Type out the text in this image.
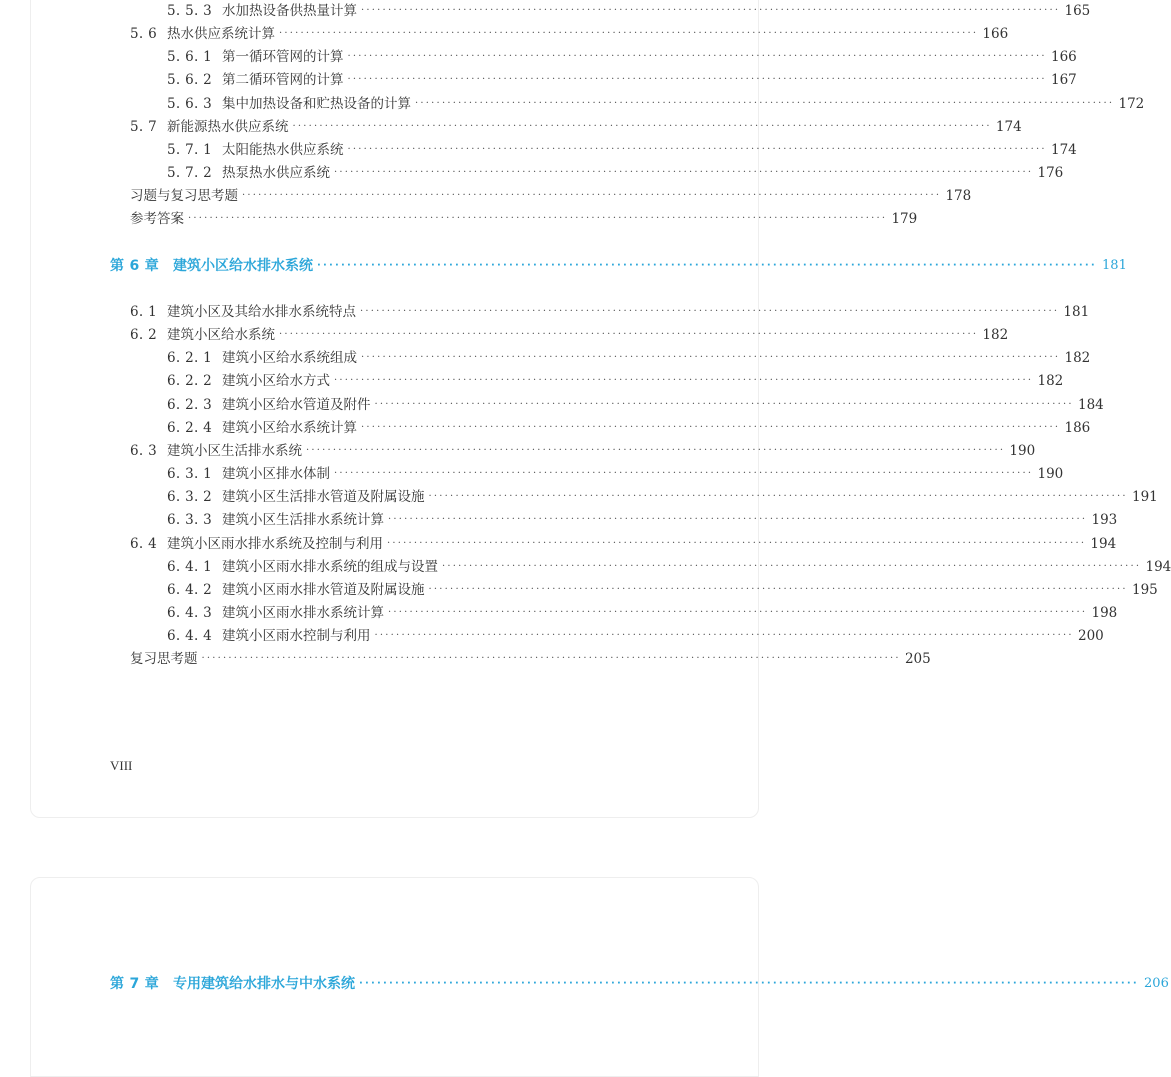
5. 5. 3 水加热设备供热量计算 ·································································································································· 165
5. 6 热水供应系统计算 ·································································································································· 166
5. 6. 1 第一循环管网的计算 ·································································································································· 166
5. 6. 2 第二循环管网的计算 ·································································································································· 167
5. 6. 3 集中加热设备和贮热设备的计算 ·································································································································· 172
5. 7 新能源热水供应系统 ·································································································································· 174
5. 7. 1 太阳能热水供应系统 ·································································································································· 174
5. 7. 2 热泵热水供应系统 ·································································································································· 176
习题与复习思考题 ·································································································································· 178
参考答案 ·································································································································· 179
第 6 章 建筑小区给水排水系统 ·································································································································· 181
6. 1 建筑小区及其给水排水系统特点 ·································································································································· 181
6. 2 建筑小区给水系统 ·································································································································· 182
6. 2. 1 建筑小区给水系统组成 ·································································································································· 182
6. 2. 2 建筑小区给水方式 ·································································································································· 182
6. 2. 3 建筑小区给水管道及附件 ·································································································································· 184
6. 2. 4 建筑小区给水系统计算 ·································································································································· 186
6. 3 建筑小区生活排水系统 ·································································································································· 190
6. 3. 1 建筑小区排水体制 ·································································································································· 190
6. 3. 2 建筑小区生活排水管道及附属设施 ·································································································································· 191
6. 3. 3 建筑小区生活排水系统计算 ·································································································································· 193
6. 4 建筑小区雨水排水系统及控制与利用 ·································································································································· 194
6. 4. 1 建筑小区雨水排水系统的组成与设置 ·································································································································· 194
6. 4. 2 建筑小区雨水排水管道及附属设施 ·································································································································· 195
6. 4. 3 建筑小区雨水排水系统计算 ·································································································································· 198
6. 4. 4 建筑小区雨水控制与利用 ·································································································································· 200
复习思考题 ·································································································································· 205
第 7 章 专用建筑给水排水与中水系统 ·································································································································· 206
VIII
